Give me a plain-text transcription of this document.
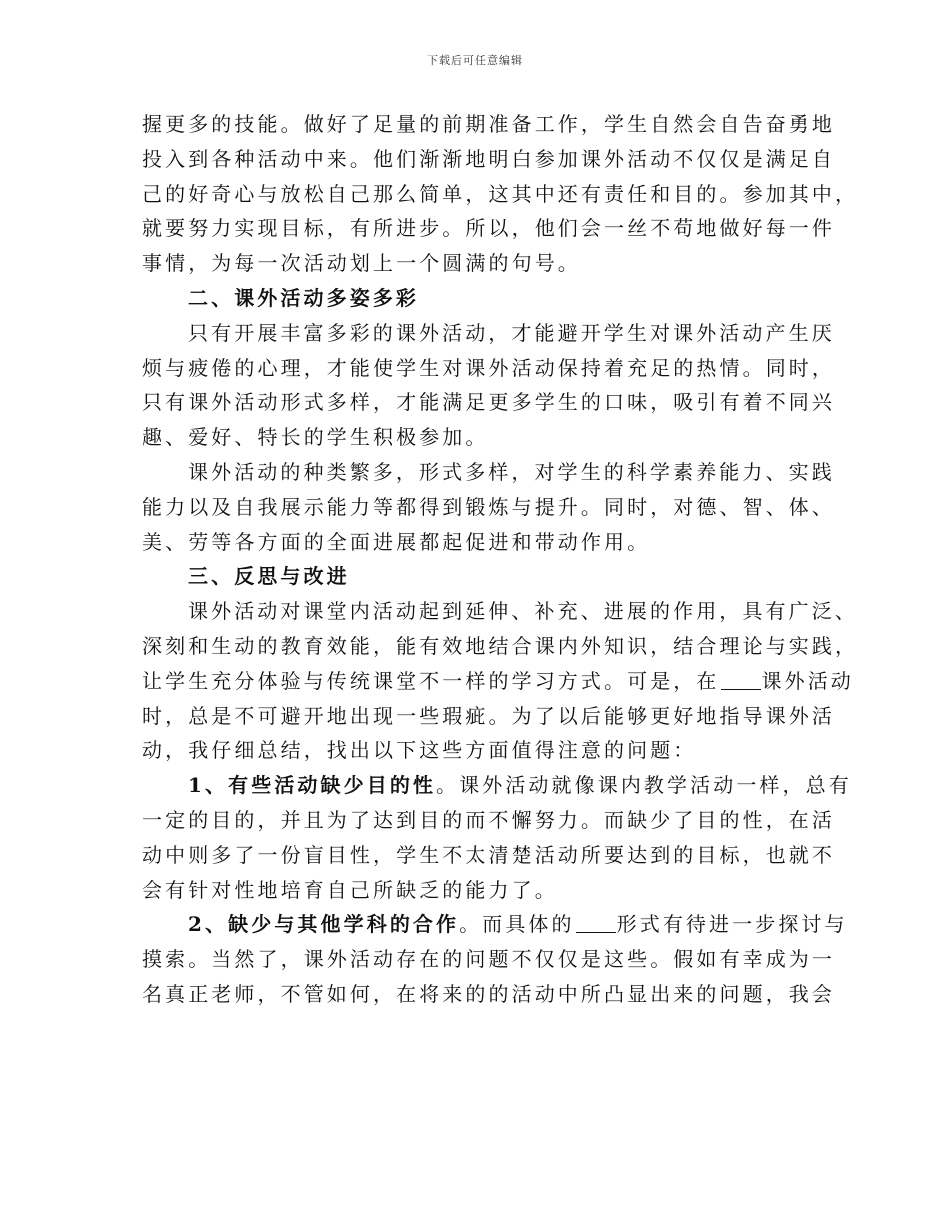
下载后可任意编辑
握更多的技能。做好了足量的前期准备工作，学生自然会自告奋勇地
投入到各种活动中来。他们渐渐地明白参加课外活动不仅仅是满足自
己的好奇心与放松自己那么简单，这其中还有责任和目的。参加其中，
就要努力实现目标，有所进步。所以，他们会一丝不苟地做好每一件
事情，为每一次活动划上一个圆满的句号。
二、课外活动多姿多彩
只有开展丰富多彩的课外活动，才能避开学生对课外活动产生厌
烦与疲倦的心理，才能使学生对课外活动保持着充足的热情。同时，
只有课外活动形式多样，才能满足更多学生的口味，吸引有着不同兴
趣、爱好、特长的学生积极参加。
课外活动的种类繁多，形式多样，对学生的科学素养能力、实践
能力以及自我展示能力等都得到锻炼与提升。同时，对德、智、体、
美、劳等各方面的全面进展都起促进和带动作用。
三、反思与改进
课外活动对课堂内活动起到延伸、补充、进展的作用，具有广泛、
深刻和生动的教育效能，能有效地结合课内外知识，结合理论与实践，
让学生充分体验与传统课堂不一样的学习方式。可是，在 课外活动
时，总是不可避开地出现一些瑕疵。为了以后能够更好地指导课外活
动，我仔细总结，找出以下这些方面值得注意的问题：
1、有些活动缺少目的性。课外活动就像课内教学活动一样，总有
一定的目的，并且为了达到目的而不懈努力。而缺少了目的性，在活
动中则多了一份盲目性，学生不太清楚活动所要达到的目标，也就不
会有针对性地培育自己所缺乏的能力了。
2、缺少与其他学科的合作。而具体的 形式有待进一步探讨与
摸索。当然了，课外活动存在的问题不仅仅是这些。假如有幸成为一
名真正老师，不管如何，在将来的的活动中所凸显出来的问题，我会
